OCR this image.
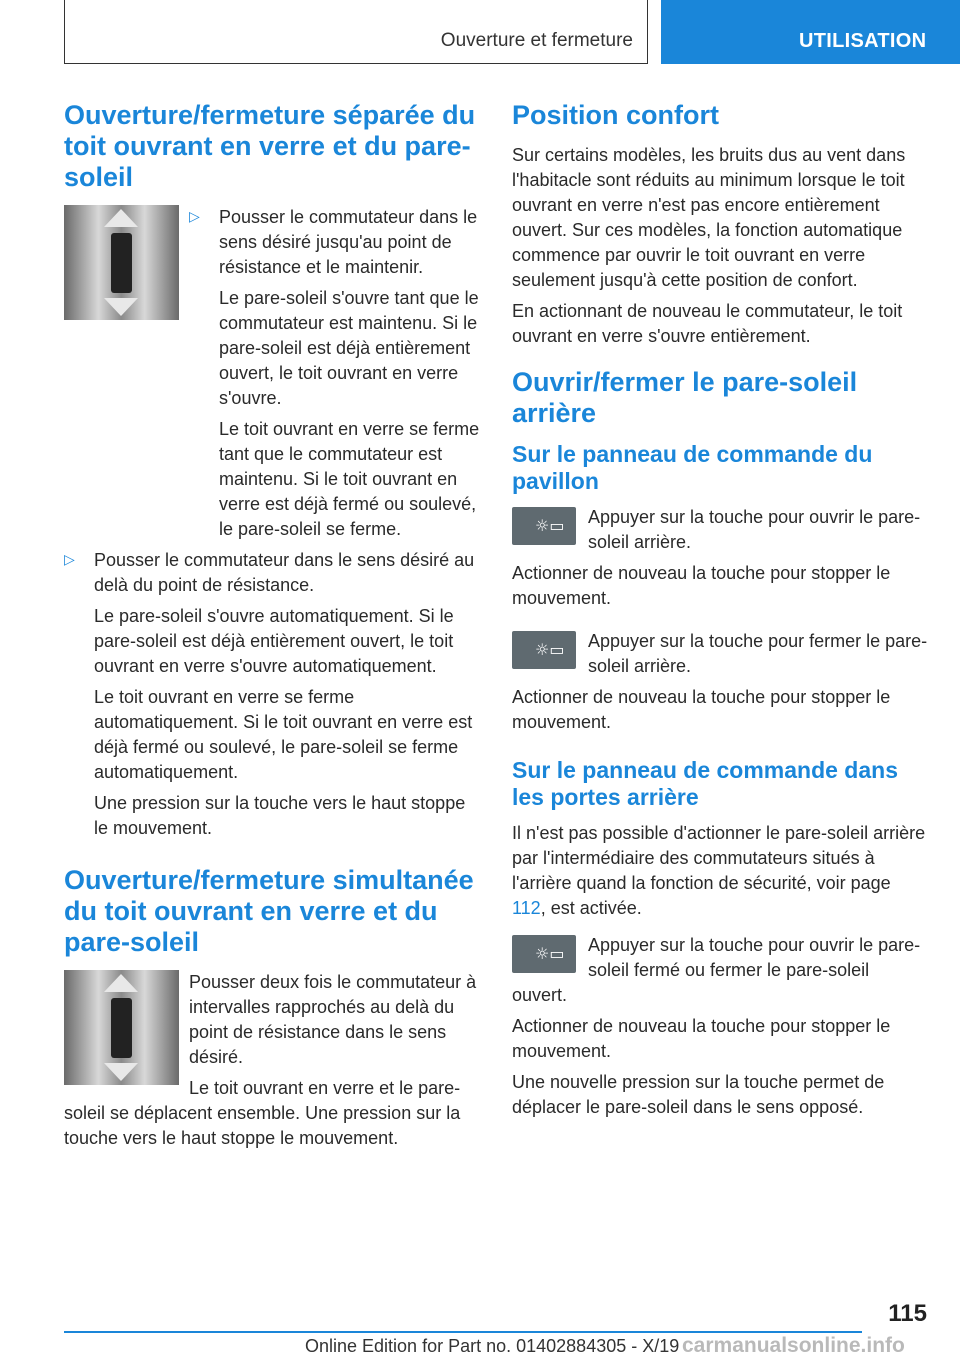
Ouverture et fermeture	UTILISATION
Ouverture/fermeture séparée du toit ouvrant en verre et du pare-soleil
▷ Pousser le commutateur dans le sens désiré jusqu'au point de résistance et le maintenir.

Le pare-soleil s'ouvre tant que le commutateur est maintenu. Si le pare-soleil est déjà entièrement ouvert, le toit ouvrant en verre s'ouvre.

Le toit ouvrant en verre se ferme tant que le commutateur est maintenu. Si le toit ouvrant en verre est déjà fermé ou soulevé, le pare-soleil se ferme.

▷ Pousser le commutateur dans le sens désiré au delà du point de résistance.

Le pare-soleil s'ouvre automatiquement. Si le pare-soleil est déjà entièrement ouvert, le toit ouvrant en verre s'ouvre automatiquement.

Le toit ouvrant en verre se ferme automatiquement. Si le toit ouvrant en verre est déjà fermé ou soulevé, le pare-soleil se ferme automatiquement.

Une pression sur la touche vers le haut stoppe le mouvement.

Ouverture/fermeture simultanée du toit ouvrant en verre et du pare-soleil

Pousser deux fois le commutateur à intervalles rapprochés au delà du point de résistance dans le sens désiré.

Le toit ouvrant en verre et le pare-soleil se déplacent ensemble. Une pression sur la touche vers le haut stoppe le mouvement.

Position confort

Sur certains modèles, les bruits dus au vent dans l'habitacle sont réduits au minimum lorsque le toit ouvrant en verre n'est pas encore entièrement ouvert. Sur ces modèles, la fonction automatique commence par ouvrir le toit ouvrant en verre seulement jusqu'à cette position de confort.

En actionnant de nouveau le commutateur, le toit ouvrant en verre s'ouvre entièrement.

Ouvrir/fermer le pare-soleil arrière
Sur le panneau de commande du pavillon
☼▭	Appuyer sur la touche pour ouvrir le pare-soleil arrière.

Actionner de nouveau la touche pour stopper le mouvement.

☼▭	Appuyer sur la touche pour fermer le pare-soleil arrière.

Actionner de nouveau la touche pour stopper le mouvement.

Sur le panneau de commande dans les portes arrière

Il n'est pas possible d'actionner le pare-soleil arrière par l'intermédiaire des commutateurs situés à l'arrière quand la fonction de sécurité, voir page 112, est activée.

☼▭	Appuyer sur la touche pour ouvrir le pare-soleil fermé ou fermer le pare-soleil ouvert.

Actionner de nouveau la touche pour stopper le mouvement.

Une nouvelle pression sur la touche permet de déplacer le pare-soleil dans le sens opposé.

115
Online Edition for Part no. 01402884305 - X/19 carmanualsonline.info
